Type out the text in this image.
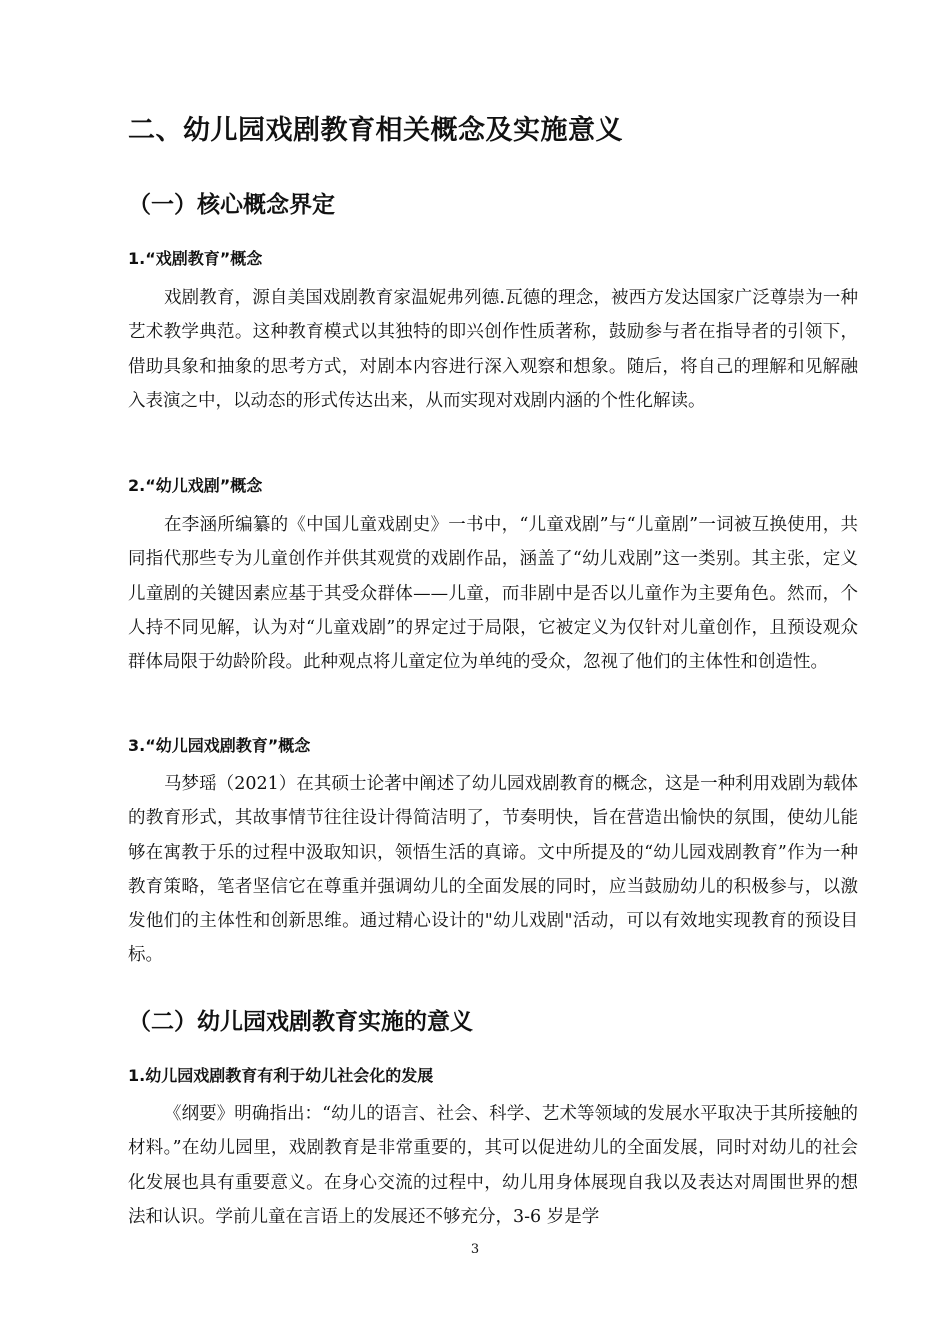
二、幼儿园戏剧教育相关概念及实施意义
（一）核心概念界定
1.“戏剧教育”概念

戏剧教育，源自美国戏剧教育家温妮弗列德.瓦德的理念，被西方发达国家广泛尊崇为一种艺术教学典范。这种教育模式以其独特的即兴创作性质著称，鼓励参与者在指导者的引领下，借助具象和抽象的思考方式，对剧本内容进行深入观察和想象。随后，将自己的理解和见解融入表演之中，以动态的形式传达出来，从而实现对戏剧内涵的个性化解读。

2.“幼儿戏剧”概念

在李涵所编纂的《中国儿童戏剧史》一书中，“儿童戏剧”与“儿童剧”一词被互换使用，共同指代那些专为儿童创作并供其观赏的戏剧作品，涵盖了“幼儿戏剧”这一类别。其主张，定义儿童剧的关键因素应基于其受众群体——儿童，而非剧中是否以儿童作为主要角色。然而，个人持不同见解，认为对“儿童戏剧”的界定过于局限，它被定义为仅针对儿童创作，且预设观众群体局限于幼龄阶段。此种观点将儿童定位为单纯的受众，忽视了他们的主体性和创造性。

3.“幼儿园戏剧教育”概念

马梦瑶（2021）在其硕士论著中阐述了幼儿园戏剧教育的概念，这是一种利用戏剧为载体的教育形式，其故事情节往往设计得简洁明了，节奏明快，旨在营造出愉快的氛围，使幼儿能够在寓教于乐的过程中汲取知识，领悟生活的真谛。文中所提及的“幼儿园戏剧教育”作为一种教育策略，笔者坚信它在尊重并强调幼儿的全面发展的同时，应当鼓励幼儿的积极参与，以激发他们的主体性和创新思维。通过精心设计的"幼儿戏剧"活动，可以有效地实现教育的预设目标。

（二）幼儿园戏剧教育实施的意义
1.幼儿园戏剧教育有利于幼儿社会化的发展

《纲要》明确指出：“幼儿的语言、社会、科学、艺术等领域的发展水平取决于其所接触的材料。”在幼儿园里，戏剧教育是非常重要的，其可以促进幼儿的全面发展，同时对幼儿的社会化发展也具有重要意义。在身心交流的过程中，幼儿用身体展现自我以及表达对周围世界的想法和认识。学前儿童在言语上的发展还不够充分，3-6 岁是学

3
